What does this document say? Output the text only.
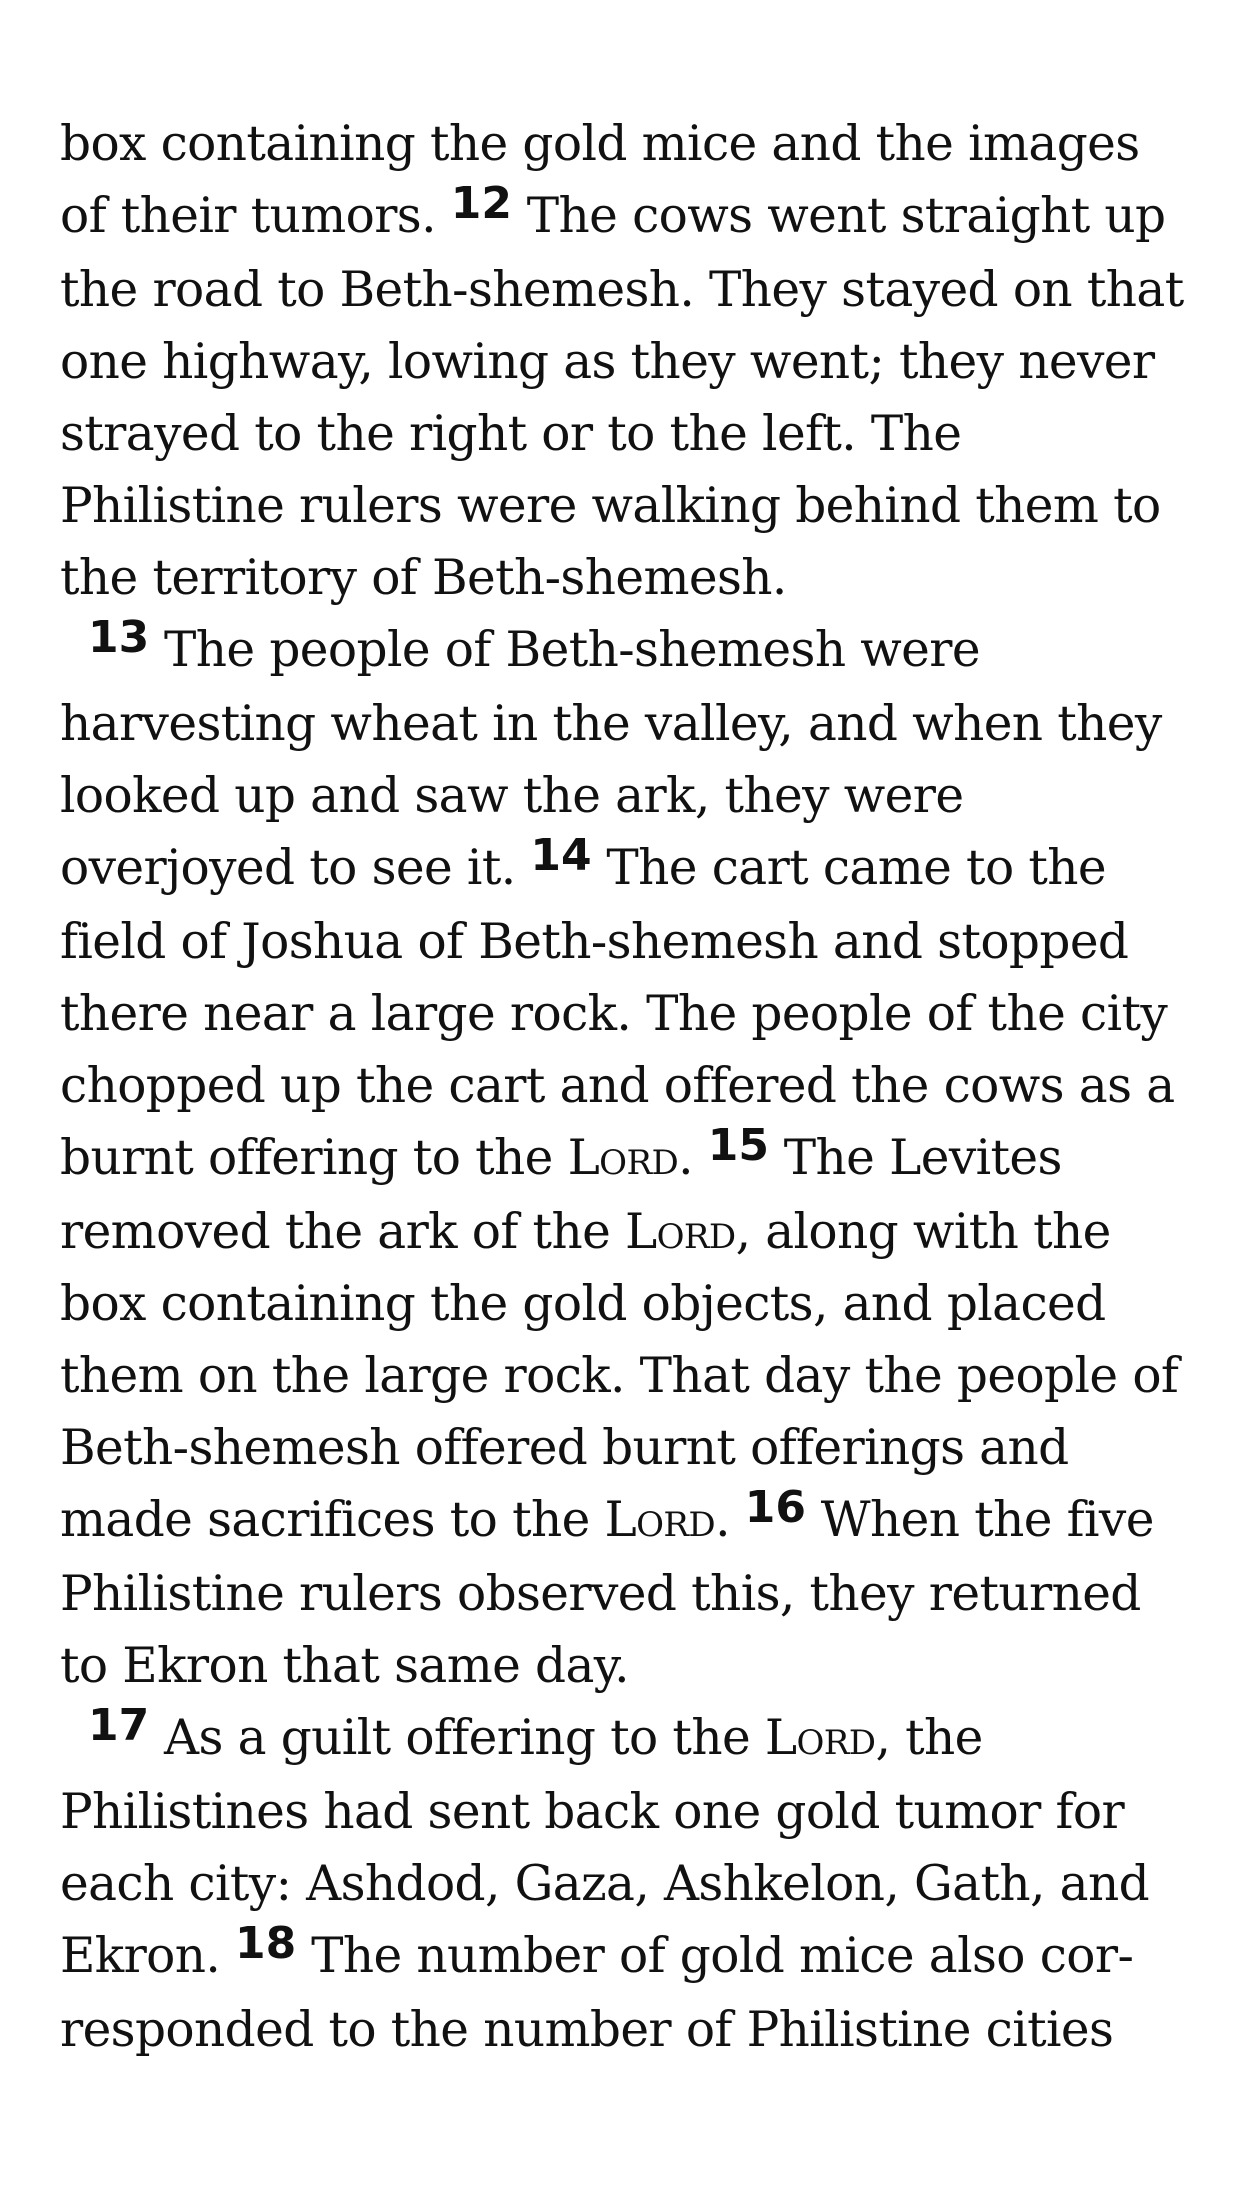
box containing the gold mice and the images of their tumors. 12 The cows went straight up the road to Beth-shemesh. They stayed on that one highway, lowing as they went; they never strayed to the right or to the left. The Philistine rulers were walking behind them to the territory of Beth-shemesh.

13 The people of Beth-shemesh were harvesting wheat in the valley, and when they looked up and saw the ark, they were overjoyed to see it. 14 The cart came to the field of Joshua of Beth-shemesh and stopped there near a large rock. The people of the city chopped up the cart and offered the cows as a burnt offering to the Lord. 15 The Levites removed the ark of the Lord, along with the box containing the gold objects, and placed them on the large rock. That day the people of Beth-shemesh offered burnt offerings and made sacrifices to the Lord. 16 When the five Philistine rulers observed this, they returned to Ekron that same day.

17 As a guilt offering to the Lord, the Philistines had sent back one gold tumor for each city: Ashdod, Gaza, Ashkelon, Gath, and Ekron. 18 The number of gold mice also cor-responded to the number of Philistine cities
